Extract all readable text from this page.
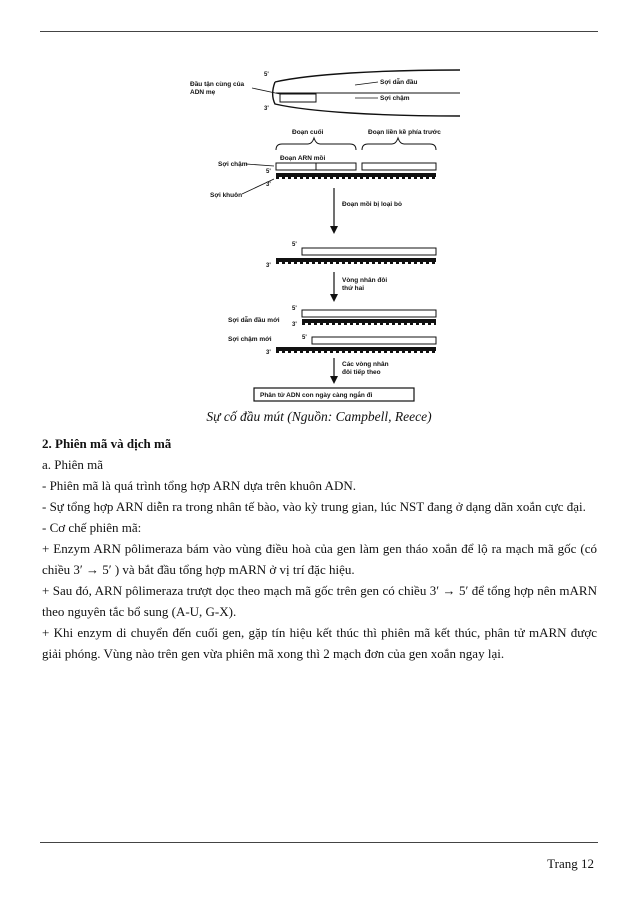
Đầu tận cùng của
ADN mẹ
5'
3'
Sợi dẫn đầu
Sợi chậm
Đoạn cuối	Đoạn liền kề phía trước
Đoạn ARN mồi
Sợi chậm
Sợi khuôn
5'
3'
Đoạn mồi bị loại bỏ
5'
3'
Vòng nhân đôi
thứ hai
5'
3'
Sợi dẫn đầu mới
5'
3'
Sợi chậm mới
Các vòng nhân
đôi tiếp theo
Phân tử ADN con ngày càng ngắn đi
Sự cố đầu mút (Nguồn: Campbell, Reece)

2. Phiên mã và dịch mã

a. Phiên mã

- Phiên mã là quá trình tổng hợp ARN dựa trên khuôn ADN.

- Sự tổng hợp ARN diễn ra trong nhân tế bào, vào kỳ trung gian, lúc NST đang ở dạng dãn xoắn cực đại.

- Cơ chế phiên mã:

+ Enzym ARN pôlimeraza bám vào vùng điều hoà của gen làm gen tháo xoắn để lộ ra mạch mã gốc (có chiều 3′ → 5′ ) và bắt đầu tổng hợp mARN ở vị trí đặc hiệu.

+ Sau đó, ARN pôlimeraza trượt dọc theo mạch mã gốc trên gen có chiều 3′ → 5′ để tổng hợp nên mARN theo nguyên tắc bổ sung (A-U, G-X).

+ Khi enzym di chuyển đến cuối gen, gặp tín hiệu kết thúc thì phiên mã kết thúc, phân tử mARN được giải phóng. Vùng nào trên gen vừa phiên mã xong thì 2 mạch đơn của gen xoắn ngay lại.

Trang 12
